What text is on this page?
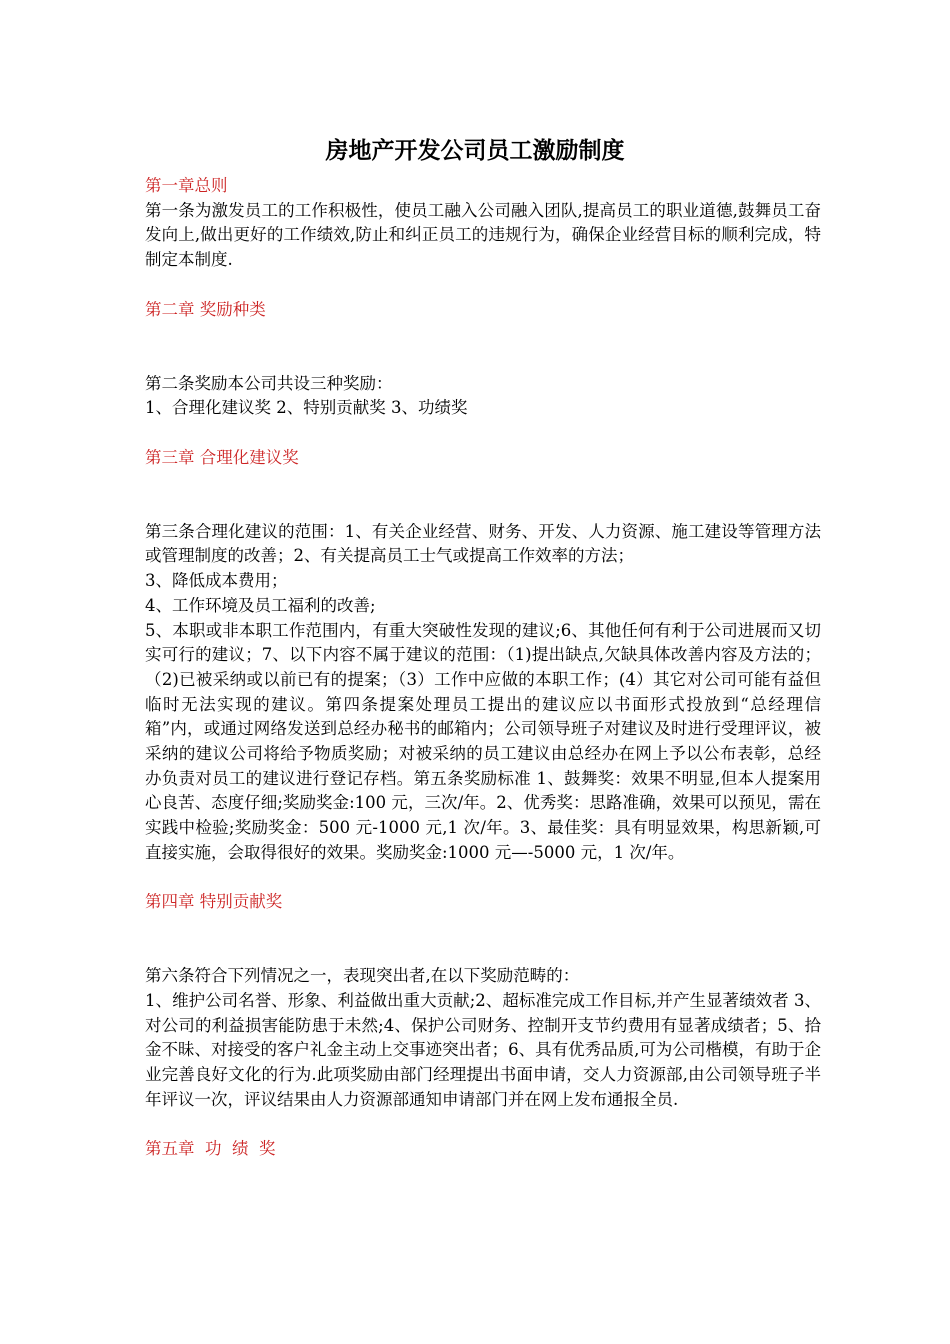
房地产开发公司员工激励制度
第一章总则
第一条为激发员工的工作积极性，使员工融入公司融入团队,提高员工的职业道德,鼓舞员工奋发向上,做出更好的工作绩效,防止和纠正员工的违规行为，确保企业经营目标的顺利完成，特制定本制度.
第二章 奖励种类
第二条奖励本公司共设三种奖励：
1、合理化建议奖 2、特别贡献奖 3、功绩奖
第三章 合理化建议奖
第三条合理化建议的范围：1、有关企业经营、财务、开发、人力资源、施工建设等管理方法或管理制度的改善；2、有关提高员工士气或提高工作效率的方法；
3、降低成本费用；
4、工作环境及员工福利的改善;
5、本职或非本职工作范围内，有重大突破性发现的建议;6、其他任何有利于公司进展而又切实可行的建议；7、以下内容不属于建议的范围：（1)提出缺点,欠缺具体改善内容及方法的；（2)已被采纳或以前已有的提案；（3）工作中应做的本职工作；(4）其它对公司可能有益但临时无法实现的建议。第四条提案处理员工提出的建议应以书面形式投放到“总经理信箱”内，或通过网络发送到总经办秘书的邮箱内；公司领导班子对建议及时进行受理评议，被采纳的建议公司将给予物质奖励；对被采纳的员工建议由总经办在网上予以公布表彰，总经办负责对员工的建议进行登记存档。第五条奖励标准 1、鼓舞奖：效果不明显,但本人提案用心良苦、态度仔细;奖励奖金:100 元，三次/年。2、优秀奖：思路准确，效果可以预见，需在实践中检验;奖励奖金：500 元-1000 元,1 次/年。3、最佳奖：具有明显效果，构思新颖,可直接实施，会取得很好的效果。奖励奖金:1000 元—-5000 元，1 次/年。
第四章 特别贡献奖
第六条符合下列情况之一，表现突出者,在以下奖励范畴的：
1、维护公司名誉、形象、利益做出重大贡献;2、超标准完成工作目标,并产生显著绩效者 3、对公司的利益损害能防患于未然;4、保护公司财务、控制开支节约费用有显著成绩者；5、拾金不昧、对接受的客户礼金主动上交事迹突出者；6、具有优秀品质,可为公司楷模，有助于企业完善良好文化的行为.此项奖励由部门经理提出书面申请，交人力资源部,由公司领导班子半年评议一次，评议结果由人力资源部通知申请部门并在网上发布通报全员.
第五章  功  绩  奖
